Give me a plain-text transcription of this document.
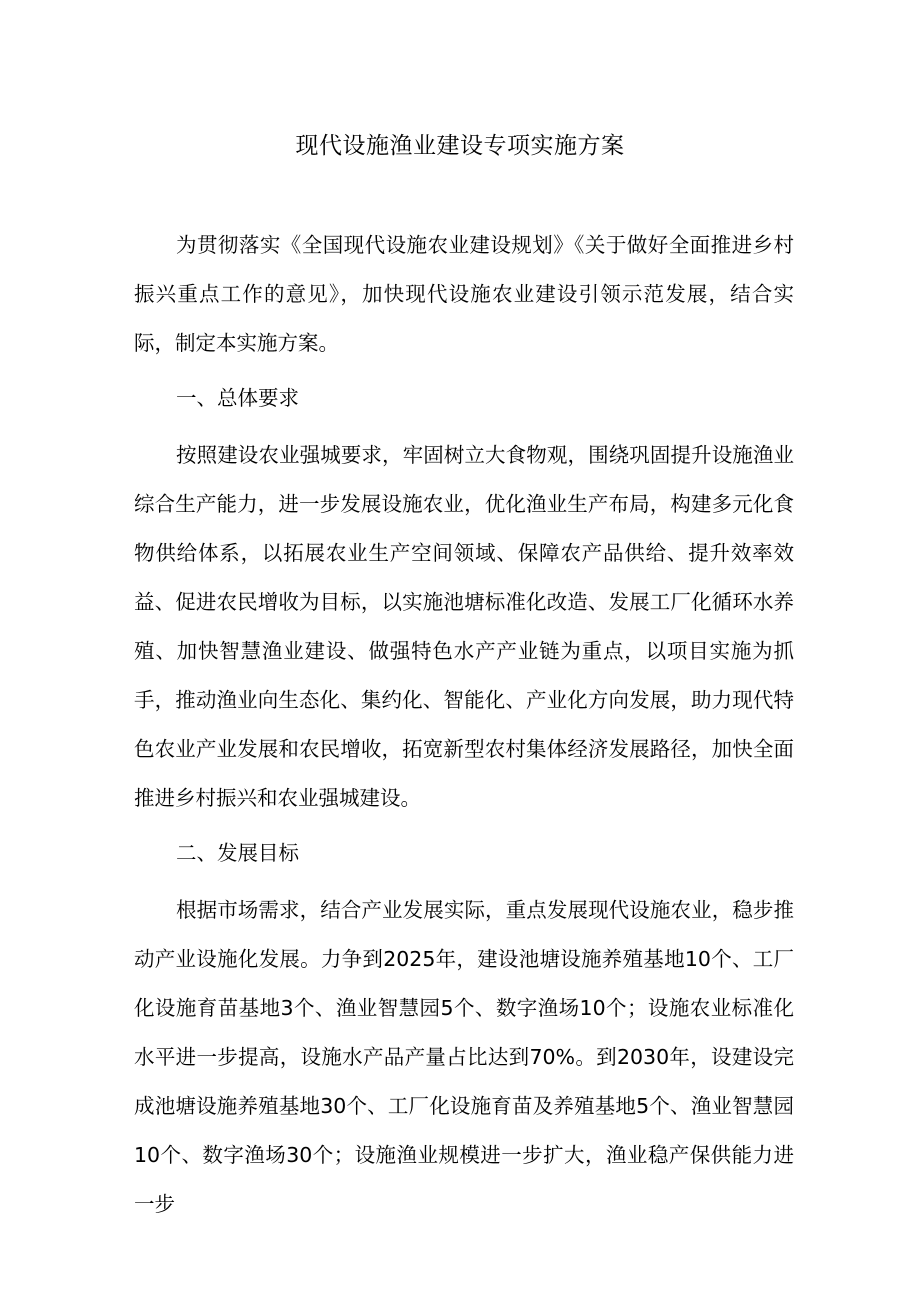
现代设施渔业建设专项实施方案

为贯彻落实《全国现代设施农业建设规划》《关于做好全面推进乡村振兴重点工作的意见》，加快现代设施农业建设引领示范发展，结合实际，制定本实施方案。

一、总体要求

按照建设农业强城要求，牢固树立大食物观，围绕巩固提升设施渔业综合生产能力，进一步发展设施农业，优化渔业生产布局，构建多元化食物供给体系，以拓展农业生产空间领域、保障农产品供给、提升效率效益、促进农民增收为目标，以实施池塘标准化改造、发展工厂化循环水养殖、加快智慧渔业建设、做强特色水产产业链为重点，以项目实施为抓手，推动渔业向生态化、集约化、智能化、产业化方向发展，助力现代特色农业产业发展和农民增收，拓宽新型农村集体经济发展路径，加快全面推进乡村振兴和农业强城建设。

二、发展目标

根据市场需求，结合产业发展实际，重点发展现代设施农业，稳步推动产业设施化发展。力争到2025年，建设池塘设施养殖基地10个、工厂化设施育苗基地3个、渔业智慧园5个、数字渔场10个；设施农业标准化水平进一步提高，设施水产品产量占比达到70%。到2030年，设建设完成池塘设施养殖基地30个、工厂化设施育苗及养殖基地5个、渔业智慧园10个、数字渔场30个；设施渔业规模进一步扩大，渔业稳产保供能力进一步
